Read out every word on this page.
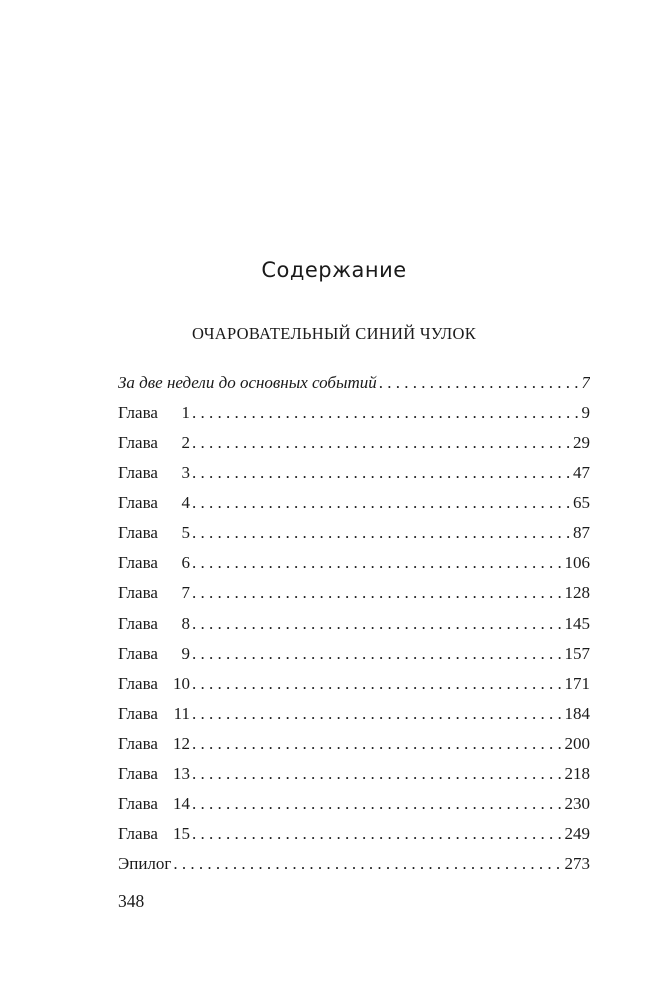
Содержание
ОЧАРОВАТЕЛЬНЫЙ СИНИЙ ЧУЛОК
За две недели до основных событий . . .	7
Глава 1 . . .	9
Глава 2 . . .	29
Глава 3 . . .	47
Глава 4 . . .	65
Глава 5 . . .	87
Глава 6 . . .	106
Глава 7 . . .	128
Глава 8 . . .	145
Глава 9 . . .	157
Глава 10 . . .	171
Глава 11 . . .	184
Глава 12 . . .	200
Глава 13 . . .	218
Глава 14 . . .	230
Глава 15 . . .	249
Эпилог . . .	273
348
